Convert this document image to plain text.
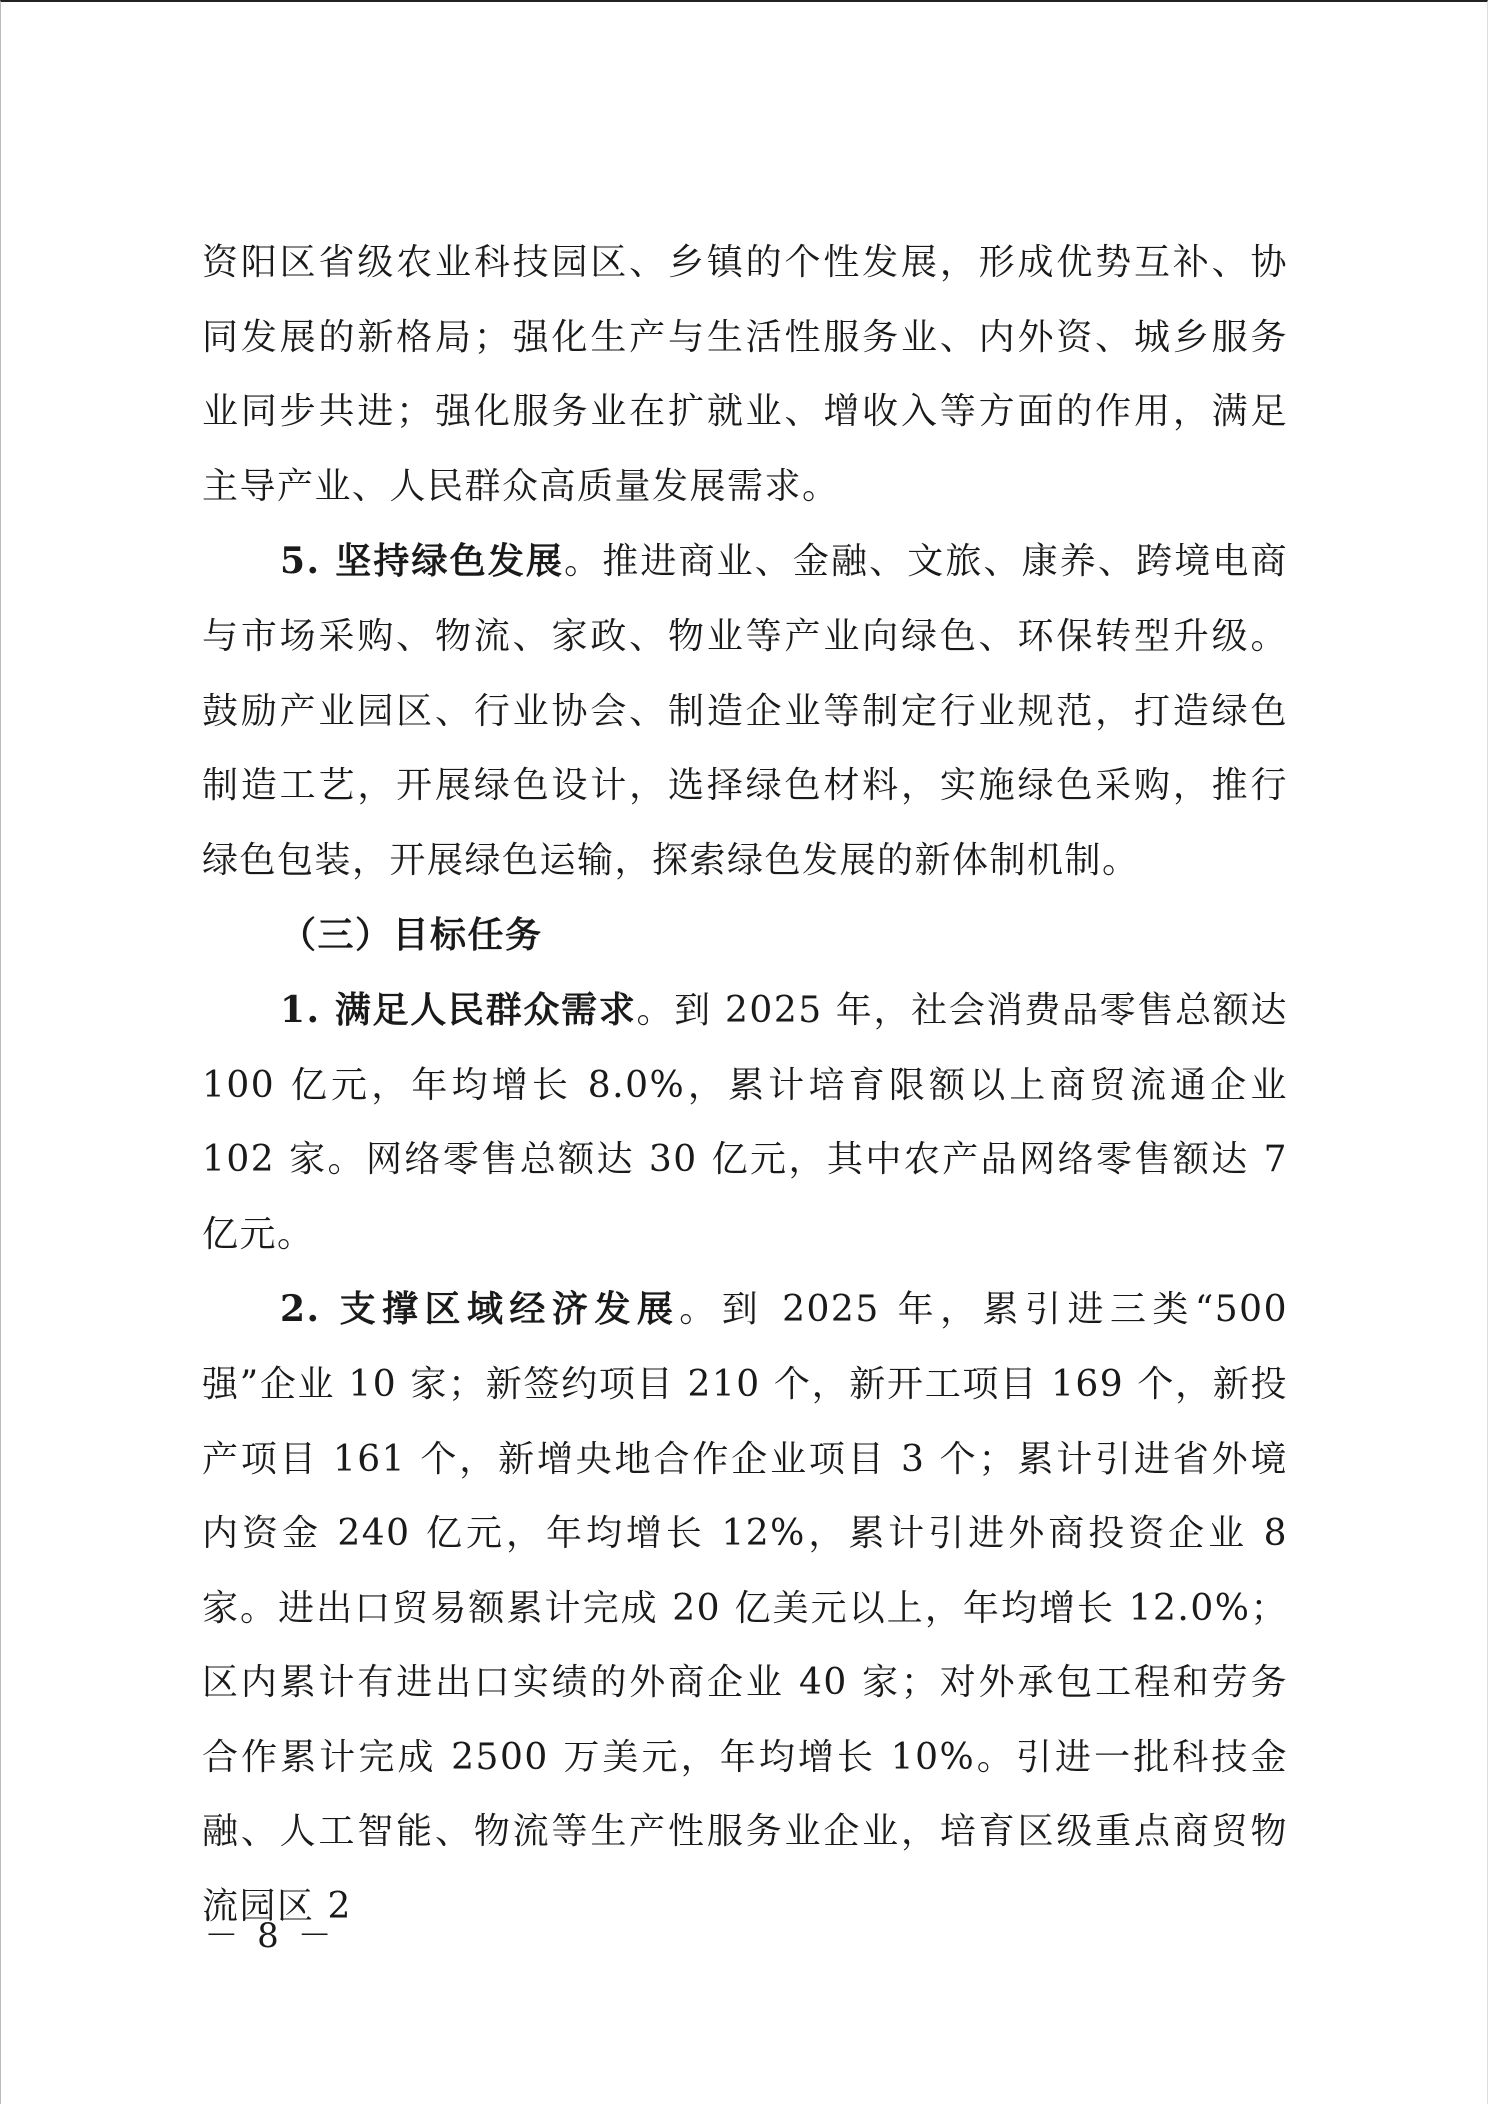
资阳区省级农业科技园区、乡镇的个性发展，形成优势互补、协同发展的新格局；强化生产与生活性服务业、内外资、城乡服务业同步共进；强化服务业在扩就业、增收入等方面的作用，满足主导产业、人民群众高质量发展需求。

5. 坚持绿色发展。推进商业、金融、文旅、康养、跨境电商与市场采购、物流、家政、物业等产业向绿色、环保转型升级。鼓励产业园区、行业协会、制造企业等制定行业规范，打造绿色制造工艺，开展绿色设计，选择绿色材料，实施绿色采购，推行绿色包装，开展绿色运输，探索绿色发展的新体制机制。

（三）目标任务

1. 满足人民群众需求。到 2025 年，社会消费品零售总额达 100 亿元，年均增长 8.0%，累计培育限额以上商贸流通企业 102 家。网络零售总额达 30 亿元，其中农产品网络零售额达 7 亿元。

2. 支撑区域经济发展。到 2025 年，累引进三类“500 强”企业 10 家；新签约项目 210 个，新开工项目 169 个，新投产项目 161 个，新增央地合作企业项目 3 个；累计引进省外境内资金 240 亿元，年均增长 12%，累计引进外商投资企业 8 家。进出口贸易额累计完成 20 亿美元以上，年均增长 12.0%；区内累计有进出口实绩的外商企业 40 家；对外承包工程和劳务合作累计完成 2500 万美元，年均增长 10%。引进一批科技金融、人工智能、物流等生产性服务业企业，培育区级重点商贸物流园区 2

－ 8 －
